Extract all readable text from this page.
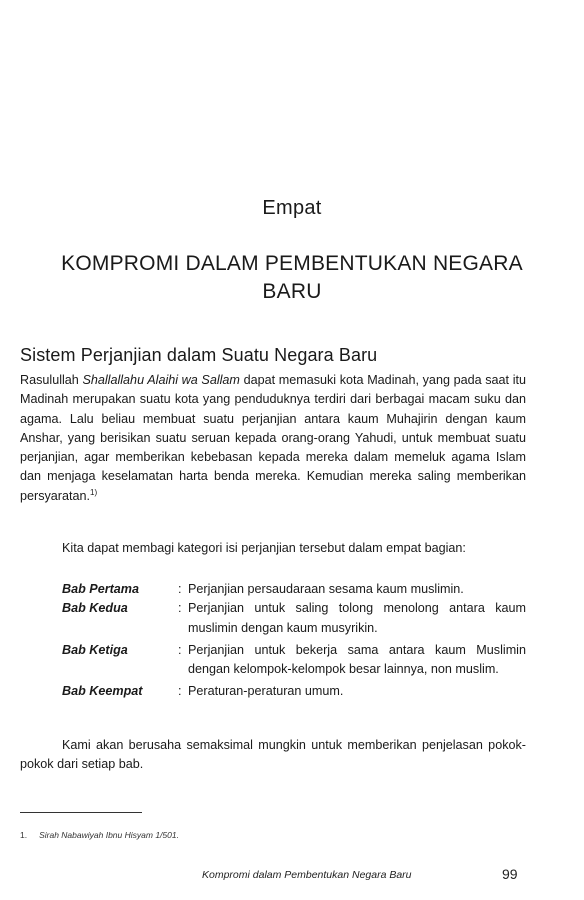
Empat
KOMPROMI DALAM PEMBENTUKAN NEGARA
BARU
Sistem Perjanjian dalam Suatu Negara Baru
Rasulullah Shallallahu Alaihi wa Sallam dapat memasuki kota Madinah, yang pada saat itu Madinah merupakan suatu kota yang penduduknya terdiri dari berbagai macam suku dan agama. Lalu beliau membuat suatu perjanjian antara kaum Muhajirin dengan kaum Anshar, yang berisikan suatu seruan kepada orang-orang Yahudi, untuk membuat suatu perjanjian, agar memberikan kebebasan kepada mereka dalam memeluk agama Islam dan menjaga keselamatan harta benda mereka. Kemudian mereka saling memberikan persyaratan.$^{1)}$
Kita dapat membagi kategori isi perjanjian tersebut dalam empat bagian:
Bab Pertama	: Perjanjian persaudaraan sesama kaum muslimin.
Bab Kedua	: Perjanjian untuk saling tolong menolong antara kaum muslimin dengan kaum musyrikin.
Bab Ketiga	: Perjanjian untuk bekerja sama antara kaum Muslimin dengan kelompok-kelompok besar lainnya, non muslim.
Bab Keempat	: Peraturan-peraturan umum.
Kami akan berusaha semaksimal mungkin untuk memberikan penjelasan pokok-pokok dari setiap bab.
1. Sirah Nabawiyah Ibnu Hisyam 1/501.
Kompromi dalam Pembentukan Negara Baru	99
